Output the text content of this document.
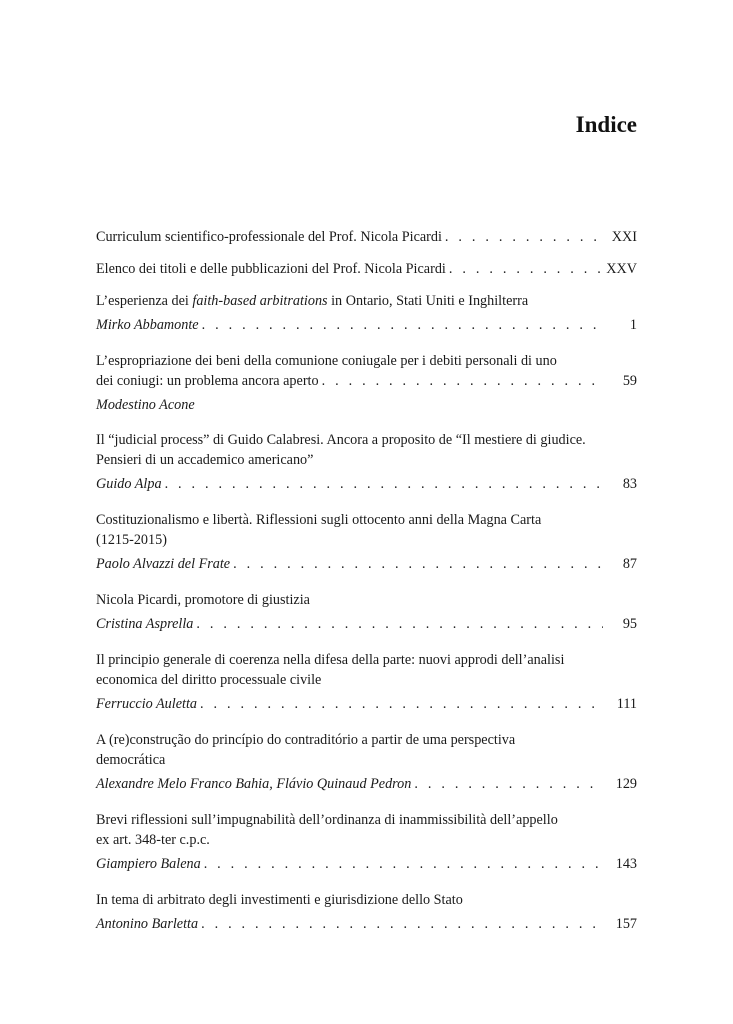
Indice
Curriculum scientifico-professionale del Prof. Nicola Picardi . . .	XXI
Elenco dei titoli e delle pubblicazioni del Prof. Nicola Picardi . . .	XXV
L’esperienza dei faith-based arbitrations in Ontario, Stati Uniti e Inghilterra
Mirko Abbamonte . . .	1
L’espropriazione dei beni della comunione coniugale per i debiti personali di uno
dei coniugi: un problema ancora aperto . . .	59
Modestino Acone
Il “judicial process” di Guido Calabresi. Ancora a proposito de “Il mestiere di giudice.
Pensieri di un accademico americano”
Guido Alpa . . .	83
Costituzionalismo e libertà. Riflessioni sugli ottocento anni della Magna Carta
(1215-2015)
Paolo Alvazzi del Frate . . .	87
Nicola Picardi, promotore di giustizia
Cristina Asprella . . .	95
Il principio generale di coerenza nella difesa della parte: nuovi approdi dell’analisi
economica del diritto processuale civile
Ferruccio Auletta . . .	111
A (re)construção do princípio do contraditório a partir de uma perspectiva
democrática
Alexandre Melo Franco Bahia, Flávio Quinaud Pedron . . .	129
Brevi riflessioni sull’impugnabilità dell’ordinanza di inammissibilità dell’appello
ex art. 348-ter c.p.c.
Giampiero Balena . . .	143
In tema di arbitrato degli investimenti e giurisdizione dello Stato
Antonino Barletta . . .	157
